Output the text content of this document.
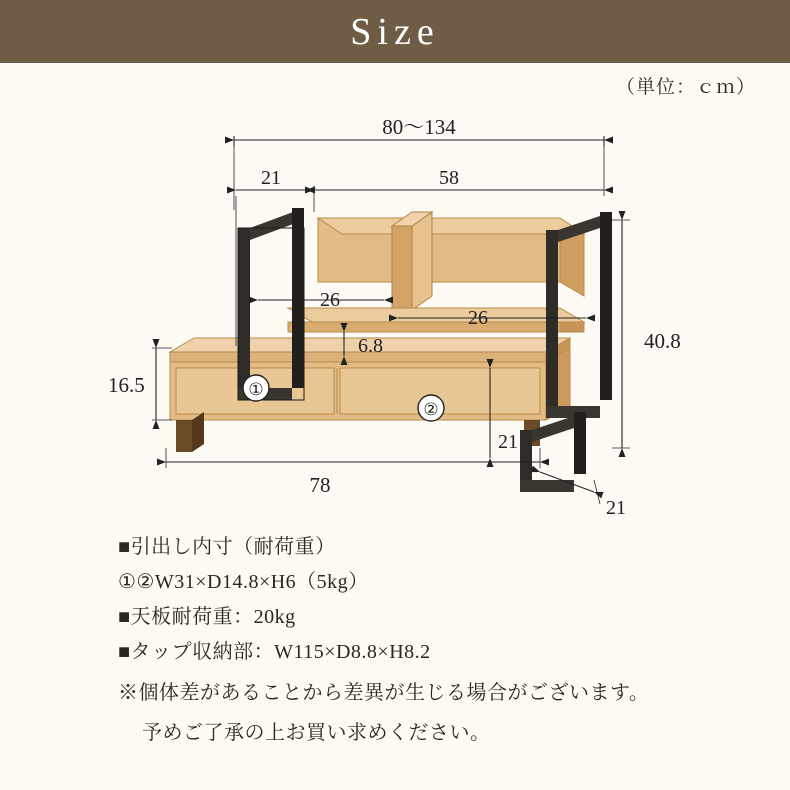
Size
（単位：ｃｍ）
80〜134
21	58
26
26
6.8
16.5
40.8
21
78
21
①
②
■引出し内寸（耐荷重）
①②W31×D14.8×H6（5kg）
■天板耐荷重：20kg
■タップ収納部：W115×D8.8×H8.2
※個体差があることから差異が生じる場合がございます。
予めご了承の上お買い求めください。
